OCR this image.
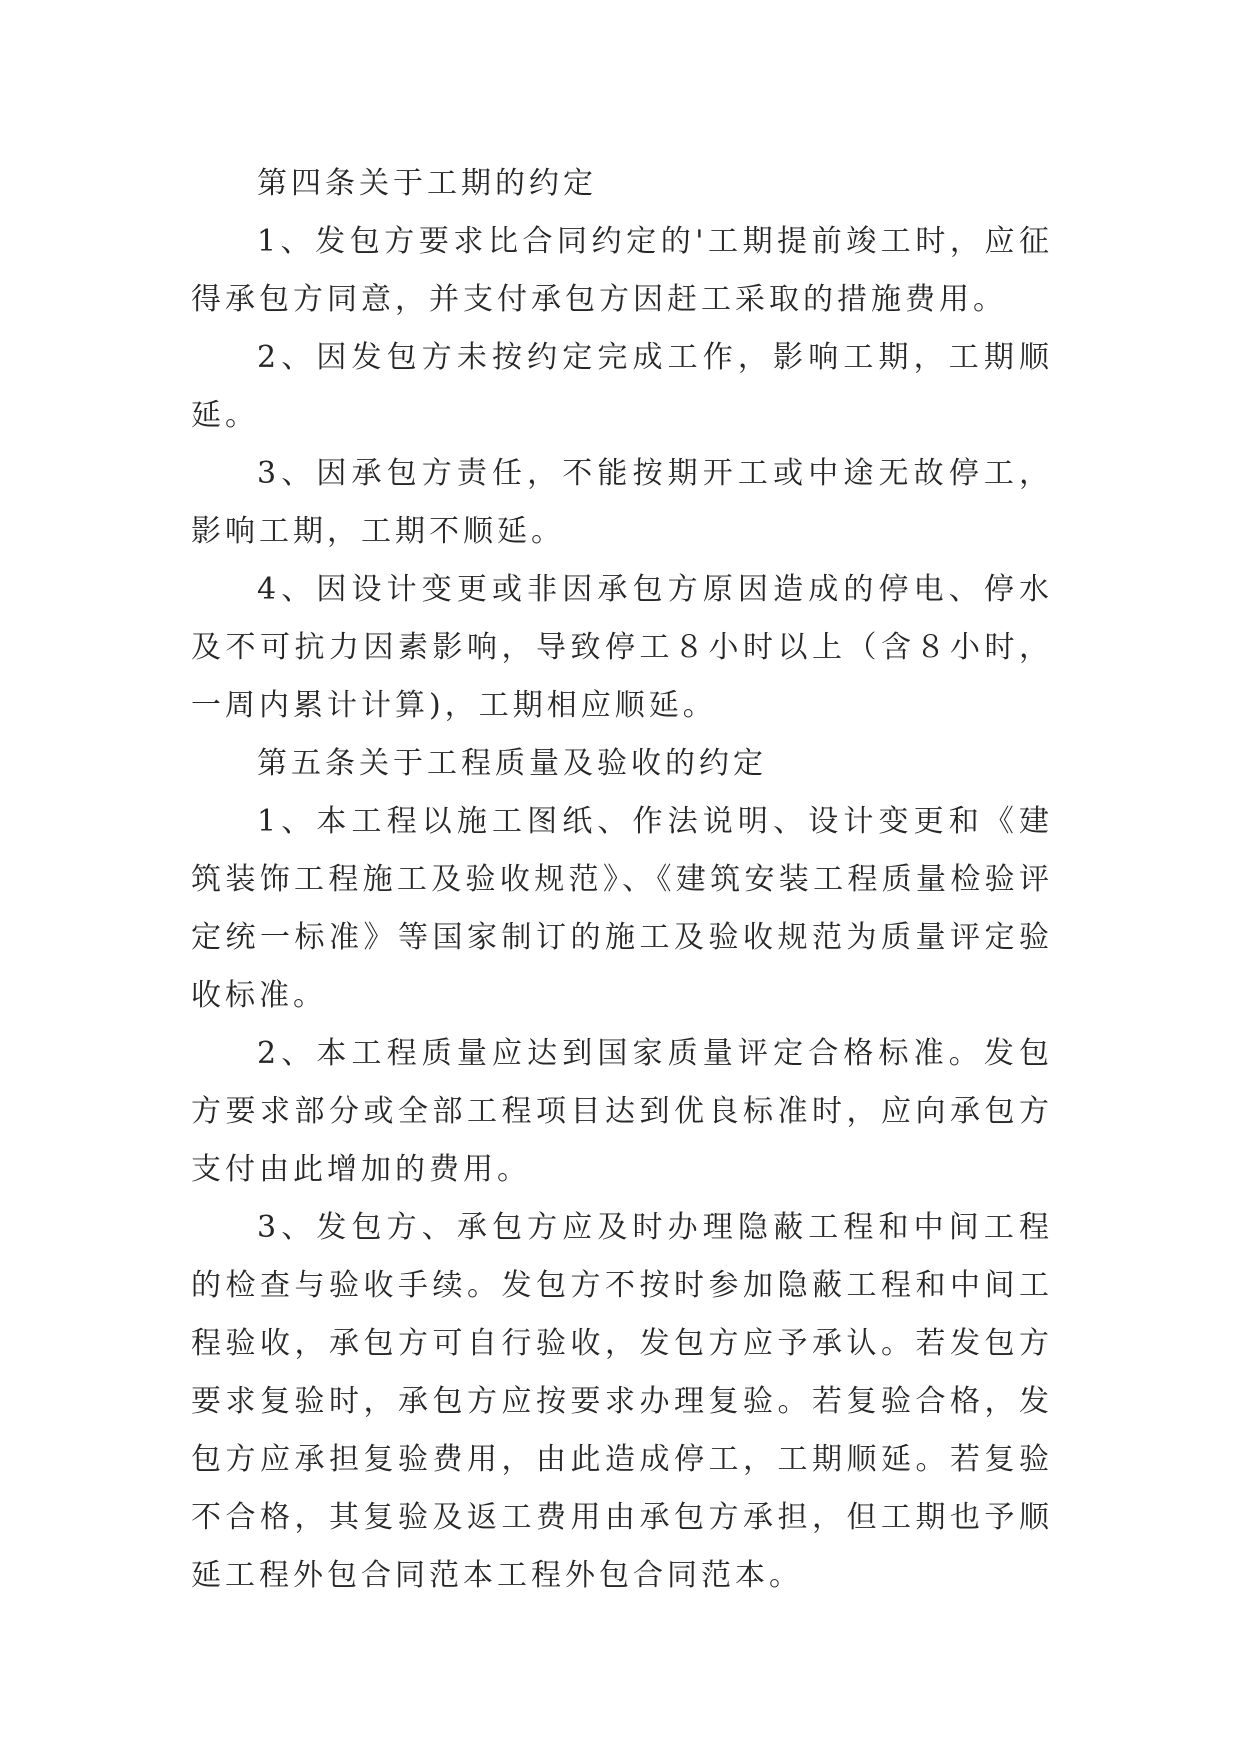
第四条关于工期的约定

1、发包方要求比合同约定的'工期提前竣工时，应征得承包方同意，并支付承包方因赶工采取的措施费用。

2、因发包方未按约定完成工作，影响工期，工期顺延。

3、因承包方责任，不能按期开工或中途无故停工，影响工期，工期不顺延。

4、因设计变更或非因承包方原因造成的停电、停水及不可抗力因素影响，导致停工８小时以上（含８小时，一周内累计计算)，工期相应顺延。

第五条关于工程质量及验收的约定

1、本工程以施工图纸、作法说明、设计变更和《建筑装饰工程施工及验收规范》、《建筑安装工程质量检验评定统一标准》等国家制订的施工及验收规范为质量评定验收标准。

2、本工程质量应达到国家质量评定合格标准。发包方要求部分或全部工程项目达到优良标准时，应向承包方支付由此增加的费用。

3、发包方、承包方应及时办理隐蔽工程和中间工程的检查与验收手续。发包方不按时参加隐蔽工程和中间工程验收，承包方可自行验收，发包方应予承认。若发包方要求复验时，承包方应按要求办理复验。若复验合格，发包方应承担复验费用，由此造成停工，工期顺延。若复验不合格，其复验及返工费用由承包方承担，但工期也予顺延工程外包合同范本工程外包合同范本。
